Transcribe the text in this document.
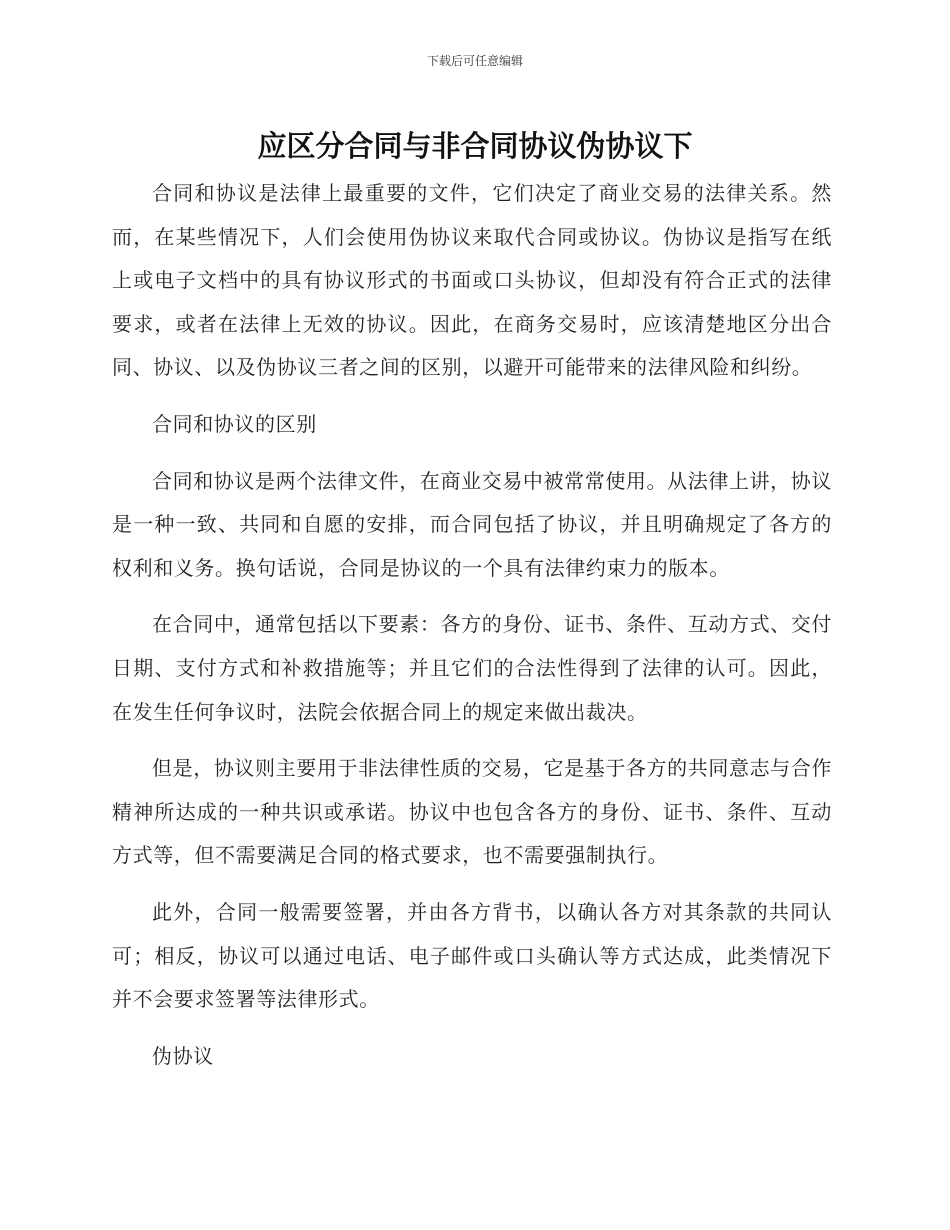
下载后可任意编辑
应区分合同与非合同协议伪协议下

合同和协议是法律上最重要的文件，它们决定了商业交易的法律关系。然而，在某些情况下，人们会使用伪协议来取代合同或协议。伪协议是指写在纸上或电子文档中的具有协议形式的书面或口头协议，但却没有符合正式的法律要求，或者在法律上无效的协议。因此，在商务交易时，应该清楚地区分出合同、协议、以及伪协议三者之间的区别，以避开可能带来的法律风险和纠纷。

合同和协议的区别

合同和协议是两个法律文件，在商业交易中被常常使用。从法律上讲，协议是一种一致、共同和自愿的安排，而合同包括了协议，并且明确规定了各方的权利和义务。换句话说，合同是协议的一个具有法律约束力的版本。

在合同中，通常包括以下要素：各方的身份、证书、条件、互动方式、交付日期、支付方式和补救措施等；并且它们的合法性得到了法律的认可。因此，在发生任何争议时，法院会依据合同上的规定来做出裁决。

但是，协议则主要用于非法律性质的交易，它是基于各方的共同意志与合作精神所达成的一种共识或承诺。协议中也包含各方的身份、证书、条件、互动方式等，但不需要满足合同的格式要求，也不需要强制执行。

此外，合同一般需要签署，并由各方背书，以确认各方对其条款的共同认可；相反，协议可以通过电话、电子邮件或口头确认等方式达成，此类情况下并不会要求签署等法律形式。

伪协议
